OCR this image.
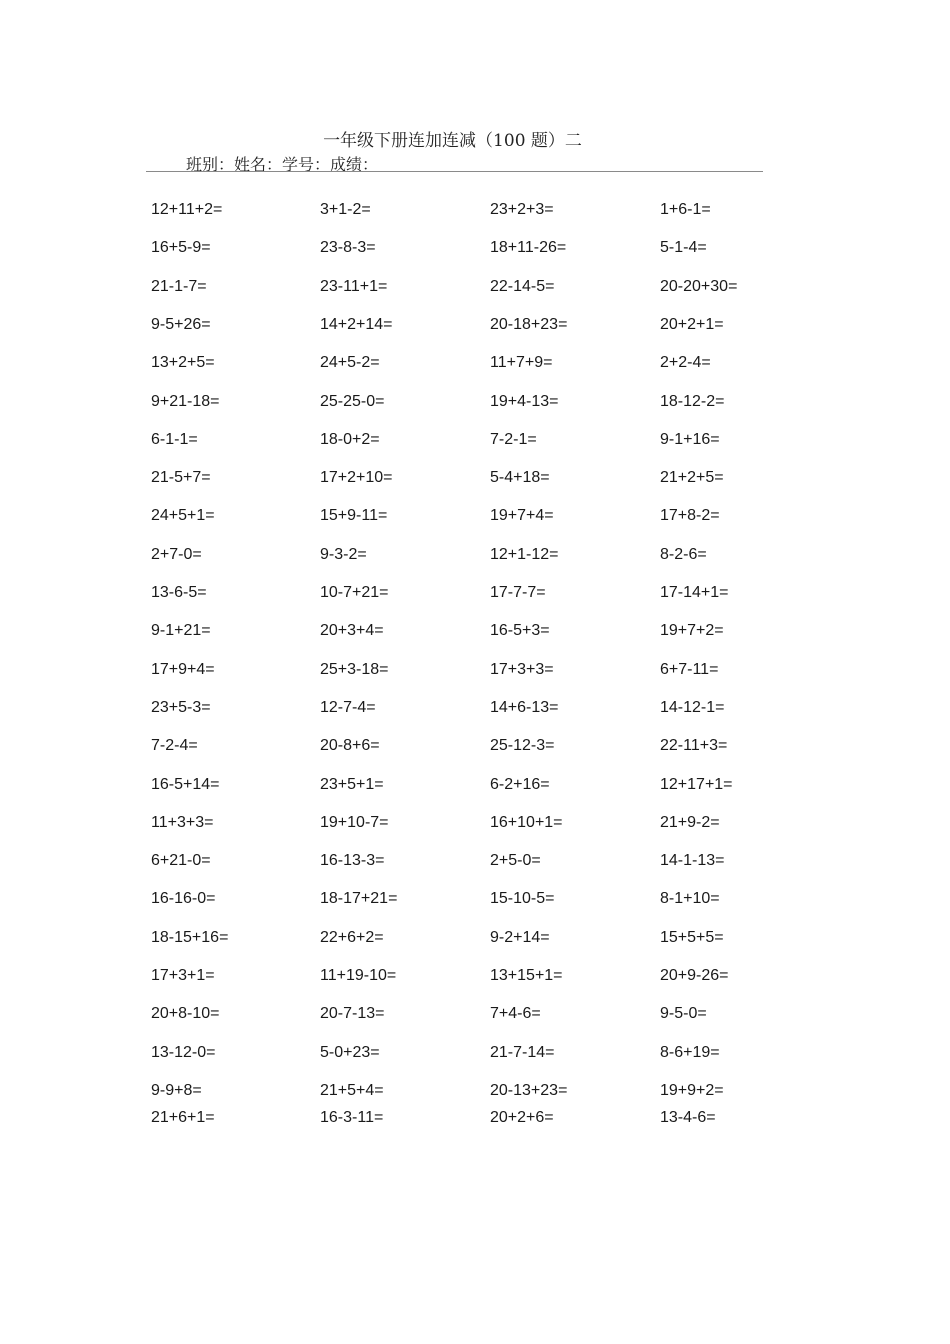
一年级下册连加连减（100 题）二
班别：姓名：学号：成绩：
12+11+2=	3+1-2=	23+2+3=	1+6-1=
16+5-9=	23-8-3=	18+11-26=	5-1-4=
21-1-7=	23-11+1=	22-14-5=	20-20+30=
9-5+26=	14+2+14=	20-18+23=	20+2+1=
13+2+5=	24+5-2=	11+7+9=	2+2-4=
9+21-18=	25-25-0=	19+4-13=	18-12-2=
6-1-1=	18-0+2=	7-2-1=	9-1+16=
21-5+7=	17+2+10=	5-4+18=	21+2+5=
24+5+1=	15+9-11=	19+7+4=	17+8-2=
2+7-0=	9-3-2=	12+1-12=	8-2-6=
13-6-5=	10-7+21=	17-7-7=	17-14+1=
9-1+21=	20+3+4=	16-5+3=	19+7+2=
17+9+4=	25+3-18=	17+3+3=	6+7-11=
23+5-3=	12-7-4=	14+6-13=	14-12-1=
7-2-4=	20-8+6=	25-12-3=	22-11+3=
16-5+14=	23+5+1=	6-2+16=	12+17+1=
11+3+3=	19+10-7=	16+10+1=	21+9-2=
6+21-0=	16-13-3=	2+5-0=	14-1-13=
16-16-0=	18-17+21=	15-10-5=	8-1+10=
18-15+16=	22+6+2=	9-2+14=	15+5+5=
17+3+1=	11+19-10=	13+15+1=	20+9-26=
20+8-10=	20-7-13=	7+4-6=	9-5-0=
13-12-0=	5-0+23=	21-7-14=	8-6+19=
9-9+8=	21+5+4=	20-13+23=	19+9+2=
21+6+1=	16-3-11=	20+2+6=	13-4-6=
